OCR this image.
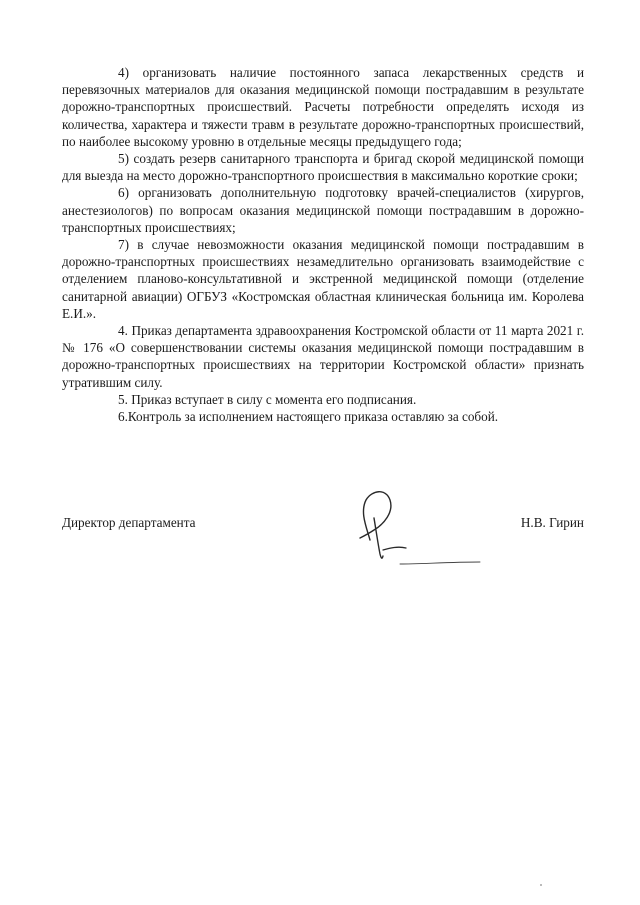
4) организовать наличие постоянного запаса лекарственных средств и перевязочных материалов для оказания медицинской помощи пострадавшим в результате дорожно-транспортных происшествий. Расчеты потребности определять исходя из количества, характера и тяжести травм в результате дорожно-транспортных происшествий, по наиболее высокому уровню в отдельные месяцы предыдущего года;

5) создать резерв санитарного транспорта и бригад скорой медицинской помощи для выезда на место дорожно-транспортного происшествия в максимально короткие сроки;

6) организовать дополнительную подготовку врачей-специалистов (хирургов, анестезиологов) по вопросам оказания медицинской помощи пострадавшим в дорожно-транспортных происшествиях;

7) в случае невозможности оказания медицинской помощи пострадавшим в дорожно-транспортных происшествиях незамедлительно организовать взаимодействие с отделением планово-консультативной и экстренной медицинской помощи (отделение санитарной авиации) ОГБУЗ «Костромская областная клиническая больница им. Королева Е.И.».

4. Приказ департамента здравоохранения Костромской области от 11 марта 2021 г. № 176 «О совершенствовании системы оказания медицинской помощи пострадавшим в дорожно-транспортных происшествиях на территории Костромской области» признать утратившим силу.

5. Приказ вступает в силу с момента его подписания.

6.Контроль за исполнением настоящего приказа оставляю за собой.

Директор департамента	Н.В. Гирин
